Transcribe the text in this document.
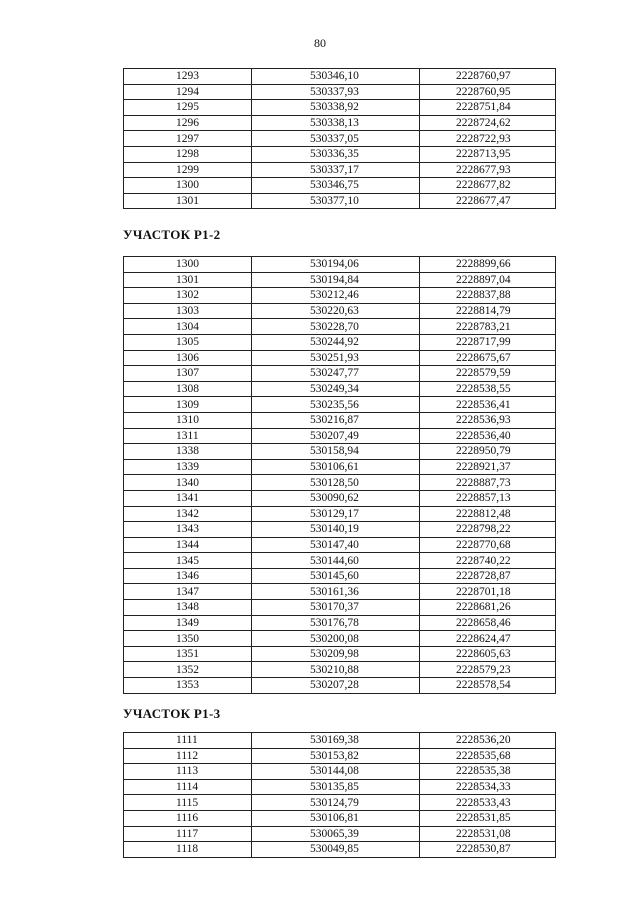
80
1293	530346,10	2228760,97
1294	530337,93	2228760,95
1295	530338,92	2228751,84
1296	530338,13	2228724,62
1297	530337,05	2228722,93
1298	530336,35	2228713,95
1299	530337,17	2228677,93
1300	530346,75	2228677,82
1301	530377,10	2228677,47
УЧАСТОК Р1-2
1300	530194,06	2228899,66
1301	530194,84	2228897,04
1302	530212,46	2228837,88
1303	530220,63	2228814,79
1304	530228,70	2228783,21
1305	530244,92	2228717,99
1306	530251,93	2228675,67
1307	530247,77	2228579,59
1308	530249,34	2228538,55
1309	530235,56	2228536,41
1310	530216,87	2228536,93
1311	530207,49	2228536,40
1338	530158,94	2228950,79
1339	530106,61	2228921,37
1340	530128,50	2228887,73
1341	530090,62	2228857,13
1342	530129,17	2228812,48
1343	530140,19	2228798,22
1344	530147,40	2228770,68
1345	530144,60	2228740,22
1346	530145,60	2228728,87
1347	530161,36	2228701,18
1348	530170,37	2228681,26
1349	530176,78	2228658,46
1350	530200,08	2228624,47
1351	530209,98	2228605,63
1352	530210,88	2228579,23
1353	530207,28	2228578,54
УЧАСТОК Р1-3
1111	530169,38	2228536,20
1112	530153,82	2228535,68
1113	530144,08	2228535,38
1114	530135,85	2228534,33
1115	530124,79	2228533,43
1116	530106,81	2228531,85
1117	530065,39	2228531,08
1118	530049,85	2228530,87
